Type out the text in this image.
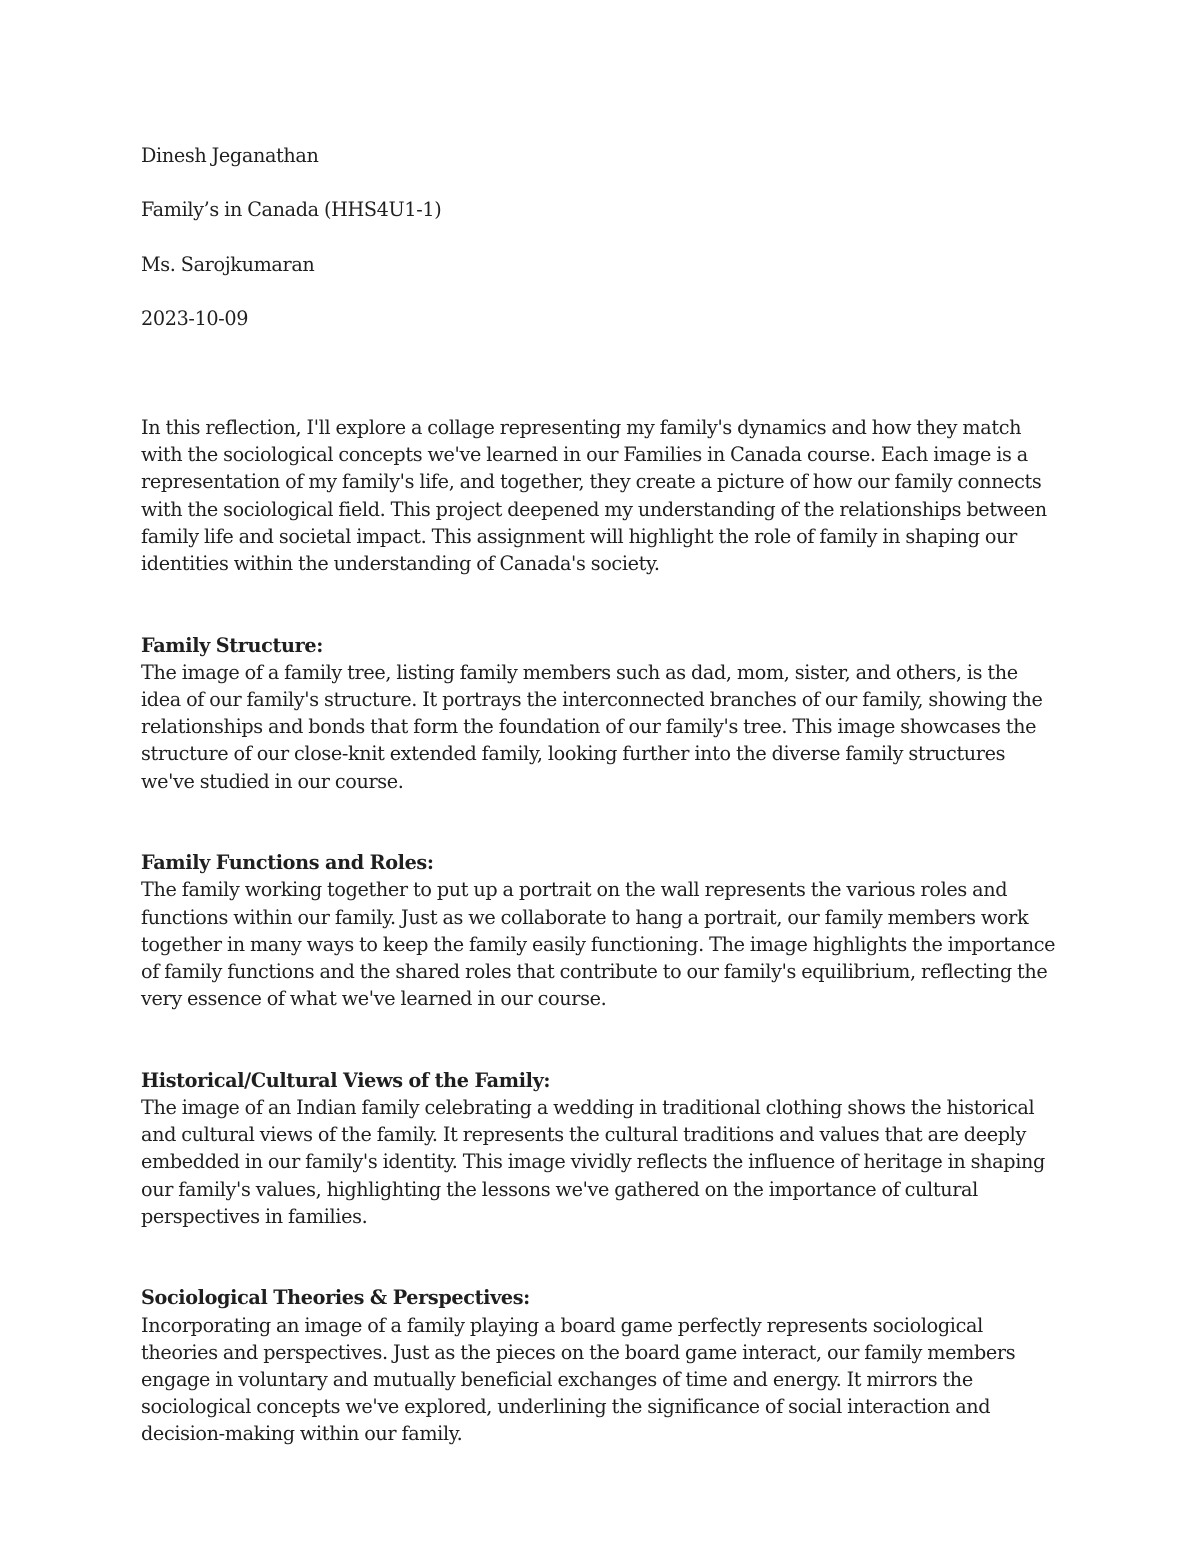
Dinesh Jeganathan

Family’s in Canada (HHS4U1-1)

Ms. Sarojkumaran

2023-10-09

In this reflection, I'll explore a collage representing my family's dynamics and how they match with the sociological concepts we've learned in our Families in Canada course. Each image is a representation of my family's life, and together, they create a picture of how our family connects with the sociological field. This project deepened my understanding of the relationships between family life and societal impact. This assignment will highlight the role of family in shaping our identities within the understanding of Canada's society.

Family Structure:

The image of a family tree, listing family members such as dad, mom, sister, and others, is the idea of our family's structure. It portrays the interconnected branches of our family, showing the relationships and bonds that form the foundation of our family's tree. This image showcases the structure of our close-knit extended family, looking further into the diverse family structures we've studied in our course.

Family Functions and Roles:

The family working together to put up a portrait on the wall represents the various roles and functions within our family. Just as we collaborate to hang a portrait, our family members work together in many ways to keep the family easily functioning. The image highlights the importance of family functions and the shared roles that contribute to our family's equilibrium, reflecting the very essence of what we've learned in our course.

Historical/Cultural Views of the Family:

The image of an Indian family celebrating a wedding in traditional clothing shows the historical and cultural views of the family. It represents the cultural traditions and values that are deeply embedded in our family's identity. This image vividly reflects the influence of heritage in shaping our family's values, highlighting the lessons we've gathered on the importance of cultural perspectives in families.

Sociological Theories & Perspectives:

Incorporating an image of a family playing a board game perfectly represents sociological theories and perspectives. Just as the pieces on the board game interact, our family members engage in voluntary and mutually beneficial exchanges of time and energy. It mirrors the sociological concepts we've explored, underlining the significance of social interaction and decision-making within our family.
